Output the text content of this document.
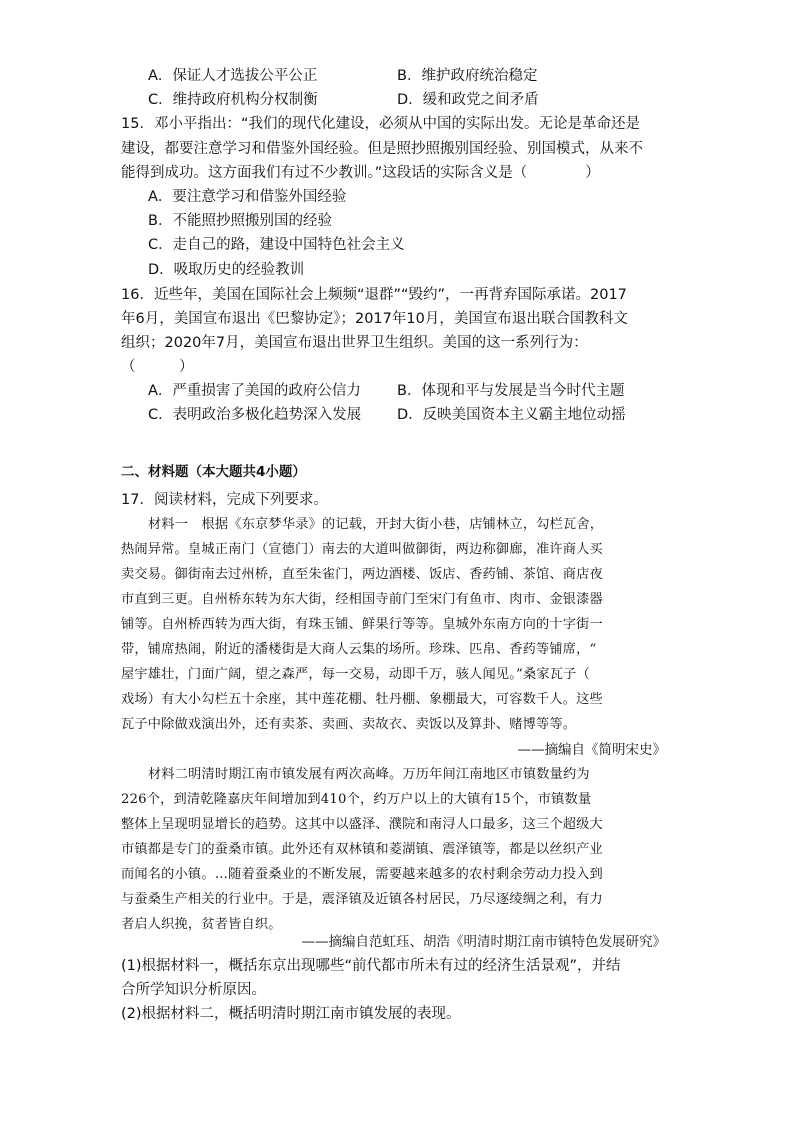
A．保证人才选拔公平公正	B．维护政府统治稳定
C．维持政府机构分权制衡	D．缓和政党之间矛盾
15．邓小平指出：“我们的现代化建设，必须从中国的实际出发。无论是革命还是
建设，都要注意学习和借鉴外国经验。但是照抄照搬别国经验、别国模式，从来不
能得到成功。这方面我们有过不少教训。”这段话的实际含义是（　　　　）
A．要注意学习和借鉴外国经验
B．不能照抄照搬别国的经验
C．走自己的路，建设中国特色社会主义
D．吸取历史的经验教训
16．近些年，美国在国际社会上频频“退群”“毁约”，一再背弃国际承诺。2017
年6月，美国宣布退出《巴黎协定》；2017年10月，美国宣布退出联合国教科文
组织；2020年7月，美国宣布退出世界卫生组织。美国的这一系列行为：
（　　　）
A．严重损害了美国的政府公信力 B．体现和平与发展是当今时代主题
C．表明政治多极化趋势深入发展 D．反映美国资本主义霸主地位动摇
二、材料题（本大题共4小题）
17．阅读材料，完成下列要求。
材料一　根据《东京梦华录》的记载，开封大街小巷，店铺林立，勾栏瓦舍，
热闹异常。皇城正南门（宣德门）南去的大道叫做御街，两边称御廊，准许商人买
卖交易。御街南去过州桥，直至朱雀门，两边酒楼、饭店、香药铺、茶馆、商店夜
市直到三更。自州桥东转为东大街，经相国寺前门至宋门有鱼市、肉市、金银漆器
铺等。自州桥西转为西大街，有珠玉铺、鲜果行等等。皇城外东南方向的十字街一
带，铺席热闹，附近的潘楼街是大商人云集的场所。珍珠、匹帛、香药等铺席，“
屋宇雄壮，门面广阔，望之森严，每一交易，动即千万，骇人闻见。”桑家瓦子（
戏场）有大小勾栏五十余座，其中莲花棚、牡丹棚、象棚最大，可容数千人。这些
瓦子中除做戏演出外，还有卖茶、卖画、卖故衣、卖饭以及算卦、赌博等等。
——摘编自《简明宋史》
材料二明清时期江南市镇发展有两次高峰。万历年间江南地区市镇数量约为
226个，到清乾隆嘉庆年间增加到410个，约万户以上的大镇有15个，市镇数量
整体上呈现明显增长的趋势。这其中以盛泽、濮院和南浔人口最多，这三个超级大
市镇都是专门的蚕桑市镇。此外还有双林镇和菱湖镇、震泽镇等，都是以丝织产业
而闻名的小镇。…随着蚕桑业的不断发展，需要越来越多的农村剩余劳动力投入到
与蚕桑生产相关的行业中。于是，震泽镇及近镇各村居民，乃尽逐绫绸之利，有力
者启人织挽，贫者皆自织。
——摘编自范虹珏、胡浩《明清时期江南市镇特色发展研究》
(1)根据材料一，概括东京出现哪些“前代都市所未有过的经济生活景观”，并结
合所学知识分析原因。
(2)根据材料二，概括明清时期江南市镇发展的表现。
